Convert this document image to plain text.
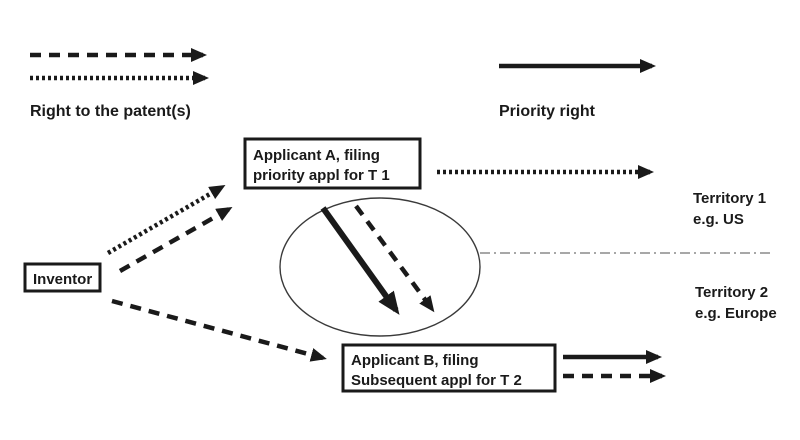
Right to the patent(s)	Priority right
Territory 1
e.g. US
Territory 2
e.g. Europe
Inventor
Applicant A, filing
priority appl for T 1
Applicant B, filing
Subsequent appl for T 2
